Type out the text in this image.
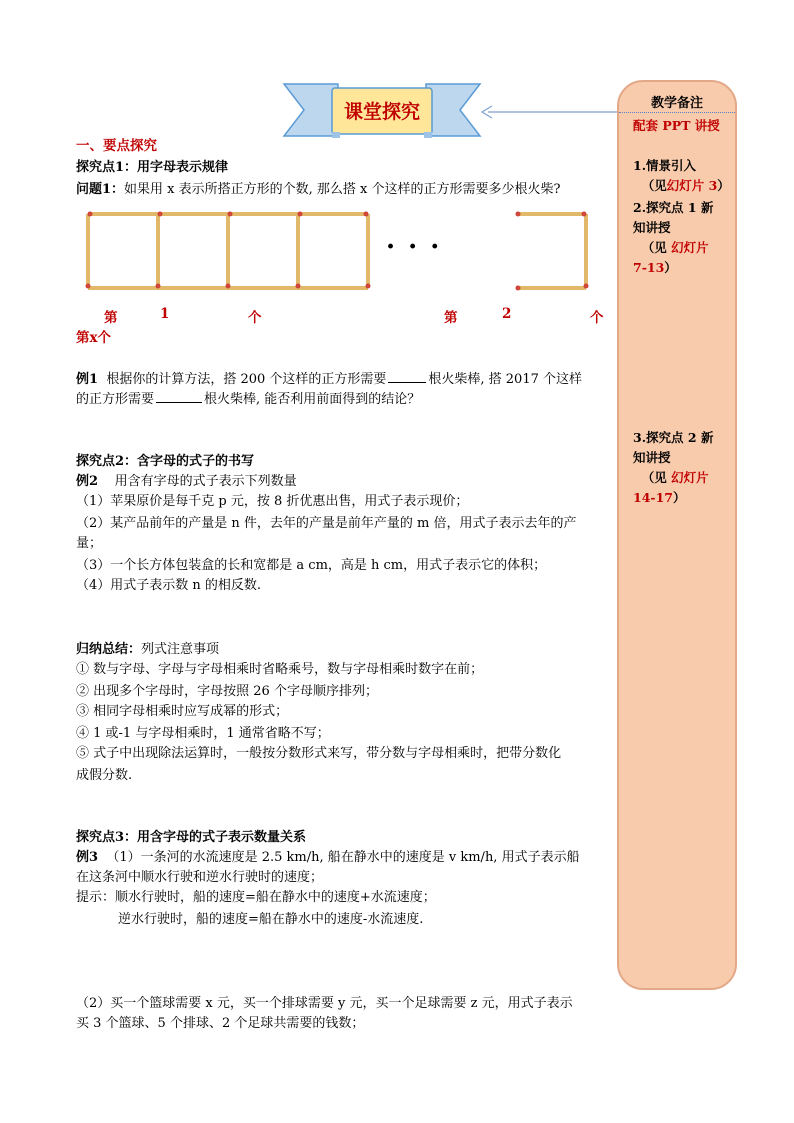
课堂探究	教学备注
配套 PPT 讲授
1.情景引入
（见幻灯片 3）
2.探究点 1 新
知讲授
（见 幻灯片
7-13）
3.探究点 2 新
知讲授
（见 幻灯片
14-17）
一、要点探究
探究点1：用字母表示规律
问题1：如果用 x 表示所搭正方形的个数, 那么搭 x 个这样的正方形需要多少根火柴?
· · ·
第	1	个	第	2	个
第x个
例1 根据你的计算方法，搭 200 个这样的正方形需要	根火柴棒, 搭 2017 个这样
的正方形需要	根火柴棒, 能否利用前面得到的结论？
探究点2：含字母的式子的书写
例2 用含有字母的式子表示下列数量
（1）苹果原价是每千克 p 元，按 8 折优惠出售，用式子表示现价；
（2）某产品前年的产量是 n 件，去年的产量是前年产量的 m 倍，用式子表示去年的产
量；
（3）一个长方体包装盒的长和宽都是 a cm，高是 h cm，用式子表示它的体积；
（4）用式子表示数 n 的相反数.
归纳总结：列式注意事项
① 数与字母、字母与字母相乘时省略乘号，数与字母相乘时数字在前；
② 出现多个字母时，字母按照 26 个字母顺序排列；
③ 相同字母相乘时应写成幂的形式；
④ 1 或-1 与字母相乘时，1 通常省略不写；
⑤ 式子中出现除法运算时，一般按分数形式来写，带分数与字母相乘时，把带分数化
成假分数.
探究点3：用含字母的式子表示数量关系
例3 （1）一条河的水流速度是 2.5 km/h, 船在静水中的速度是 v km/h, 用式子表示船
在这条河中顺水行驶和逆水行驶时的速度；
提示：顺水行驶时，船的速度=船在静水中的速度+水流速度；
逆水行驶时，船的速度=船在静水中的速度-水流速度.
（2）买一个篮球需要 x 元，买一个排球需要 y 元，买一个足球需要 z 元，用式子表示
买 3 个篮球、5 个排球、2 个足球共需要的钱数；
